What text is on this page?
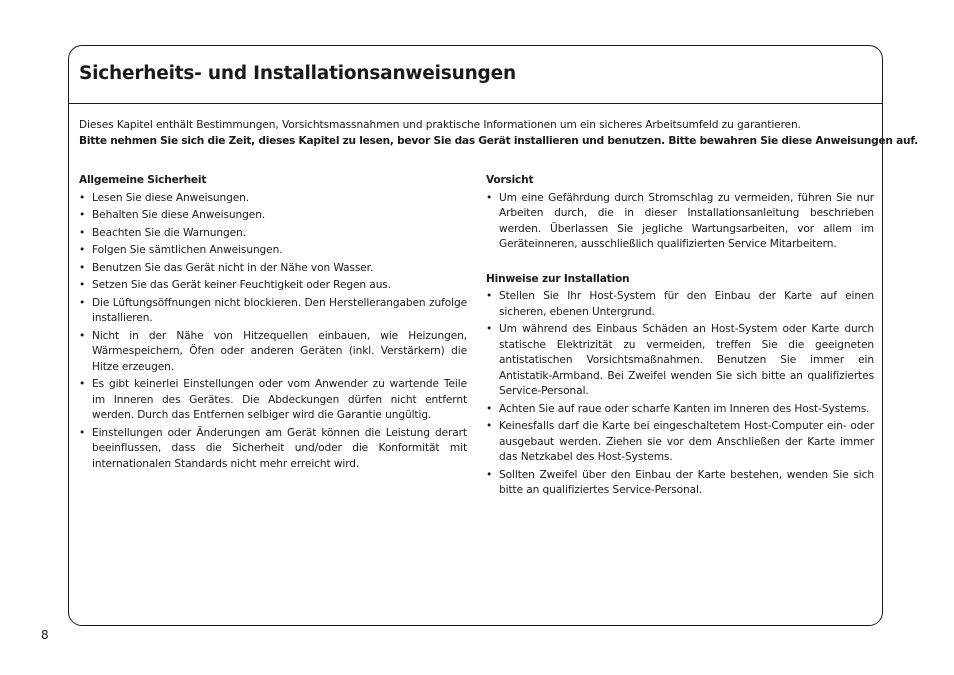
Sicherheits- und Installationsanweisungen

Dieses Kapitel enthält Bestimmungen, Vorsichtsmassnahmen und praktische Informationen um ein sicheres Arbeitsumfeld zu garantieren.

Bitte nehmen Sie sich die Zeit, dieses Kapitel zu lesen, bevor Sie das Gerät installieren und benutzen. Bitte bewahren Sie diese Anweisungen auf.

Allgemeine Sicherheit
• Lesen Sie diese Anweisungen.
• Behalten Sie diese Anweisungen.
• Beachten Sie die Warnungen.
• Folgen Sie sämtlichen Anweisungen.
• Benutzen Sie das Gerät nicht in der Nähe von Wasser.
• Setzen Sie das Gerät keiner Feuchtigkeit oder Regen aus.
• Die Lüftungsöffnungen nicht blockieren. Den Herstellerangaben zufolge installieren.
• Nicht in der Nähe von Hitzequellen einbauen, wie Heizungen, Wärmespeichern, Öfen oder anderen Geräten (inkl. Verstärkern) die Hitze erzeugen.
• Es gibt keinerlei Einstellungen oder vom Anwender zu wartende Teile im Inneren des Gerätes. Die Abdeckungen dürfen nicht entfernt werden. Durch das Entfernen selbiger wird die Garantie ungültig.
• Einstellungen oder Änderungen am Gerät können die Leistung derart beeinflussen, dass die Sicherheit und/oder die Konformität mit internationalen Standards nicht mehr erreicht wird.
Vorsicht
• Um eine Gefährdung durch Stromschlag zu vermeiden, führen Sie nur Arbeiten durch, die in dieser Installationsanleitung beschrieben werden. Überlassen Sie jegliche Wartungsarbeiten, vor allem im Geräteinneren, ausschließlich qualifizierten Service Mitarbeitern.
Hinweise zur Installation
• Stellen Sie Ihr Host-System für den Einbau der Karte auf einen sicheren, ebenen Untergrund.
• Um während des Einbaus Schäden an Host-System oder Karte durch statische Elektrizität zu vermeiden, treffen Sie die geeigneten antistatischen Vorsichtsmaßnahmen. Benutzen Sie immer ein Antistatik-Armband. Bei Zweifel wenden Sie sich bitte an qualifiziertes Service-Personal.
• Achten Sie auf raue oder scharfe Kanten im Inneren des Host-Systems.
• Keinesfalls darf die Karte bei eingeschaltetem Host-Computer ein- oder ausgebaut werden. Ziehen sie vor dem Anschließen der Karte immer das Netzkabel des Host-Systems.
• Sollten Zweifel über den Einbau der Karte bestehen, wenden Sie sich bitte an qualifiziertes Service-Personal.
8
